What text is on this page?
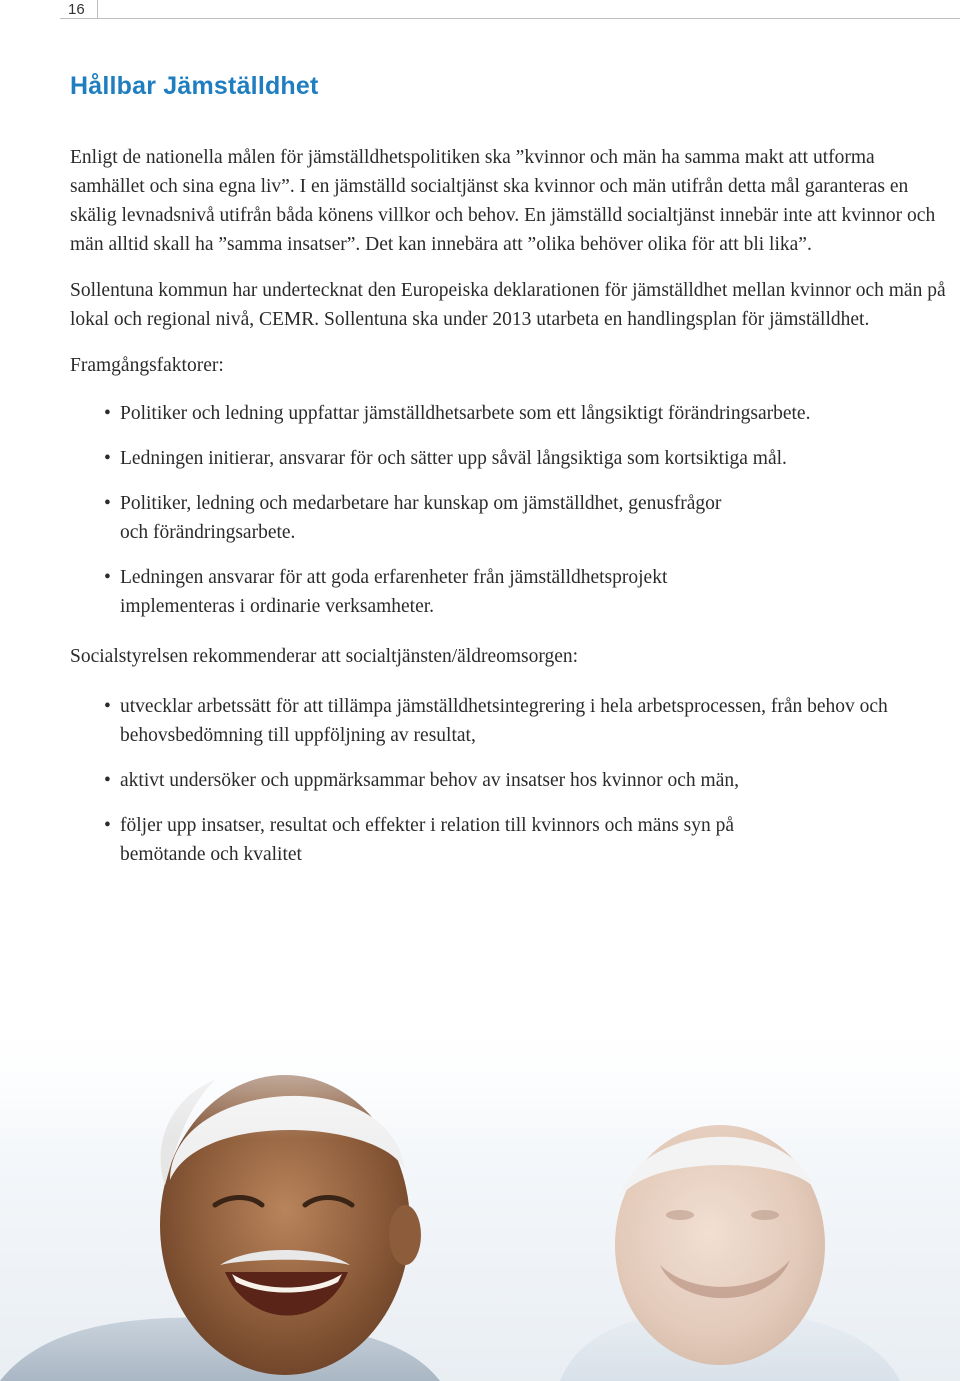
16
Hållbar Jämställdhet

Enligt de nationella målen för jämställdhetspolitiken ska ”kvinnor och män ha samma makt att utforma samhället och sina egna liv”. I en jämställd socialtjänst ska kvinnor och män utifrån detta mål garanteras en skälig levnadsnivå utifrån båda könens villkor och behov. En jämställd socialtjänst innebär inte att kvinnor och män alltid skall ha ”samma insatser”. Det kan innebära att ”olika behöver olika för att bli lika”.

Sollentuna kommun har undertecknat den Europeiska deklarationen för jämställdhet mellan kvinnor och män på lokal och regional nivå, CEMR. Sollentuna ska under 2013 utarbeta en handlingsplan för jämställdhet.

Framgångsfaktorer:

• Politiker och ledning uppfattar jämställdhetsarbete som ett långsiktigt förändringsarbete.
• Ledningen initierar, ansvarar för och sätter upp såväl långsiktiga som kortsiktiga mål.
• Politiker, ledning och medarbetare har kunskap om jämställdhet, genusfrågor och förändringsarbete.
• Ledningen ansvarar för att goda erfarenheter från jämställdhetsprojekt implementeras i ordinarie verksamheter.

Socialstyrelsen rekommenderar att socialtjänsten/äldreomsorgen:

• utvecklar arbetssätt för att tillämpa jämställdhetsintegrering i hela arbetsprocessen, från behov och behovsbedömning till uppföljning av resultat,
• aktivt undersöker och uppmärksammar behov av insatser hos kvinnor och män,
• följer upp insatser, resultat och effekter i relation till kvinnors och mäns syn på bemötande och kvalitet
